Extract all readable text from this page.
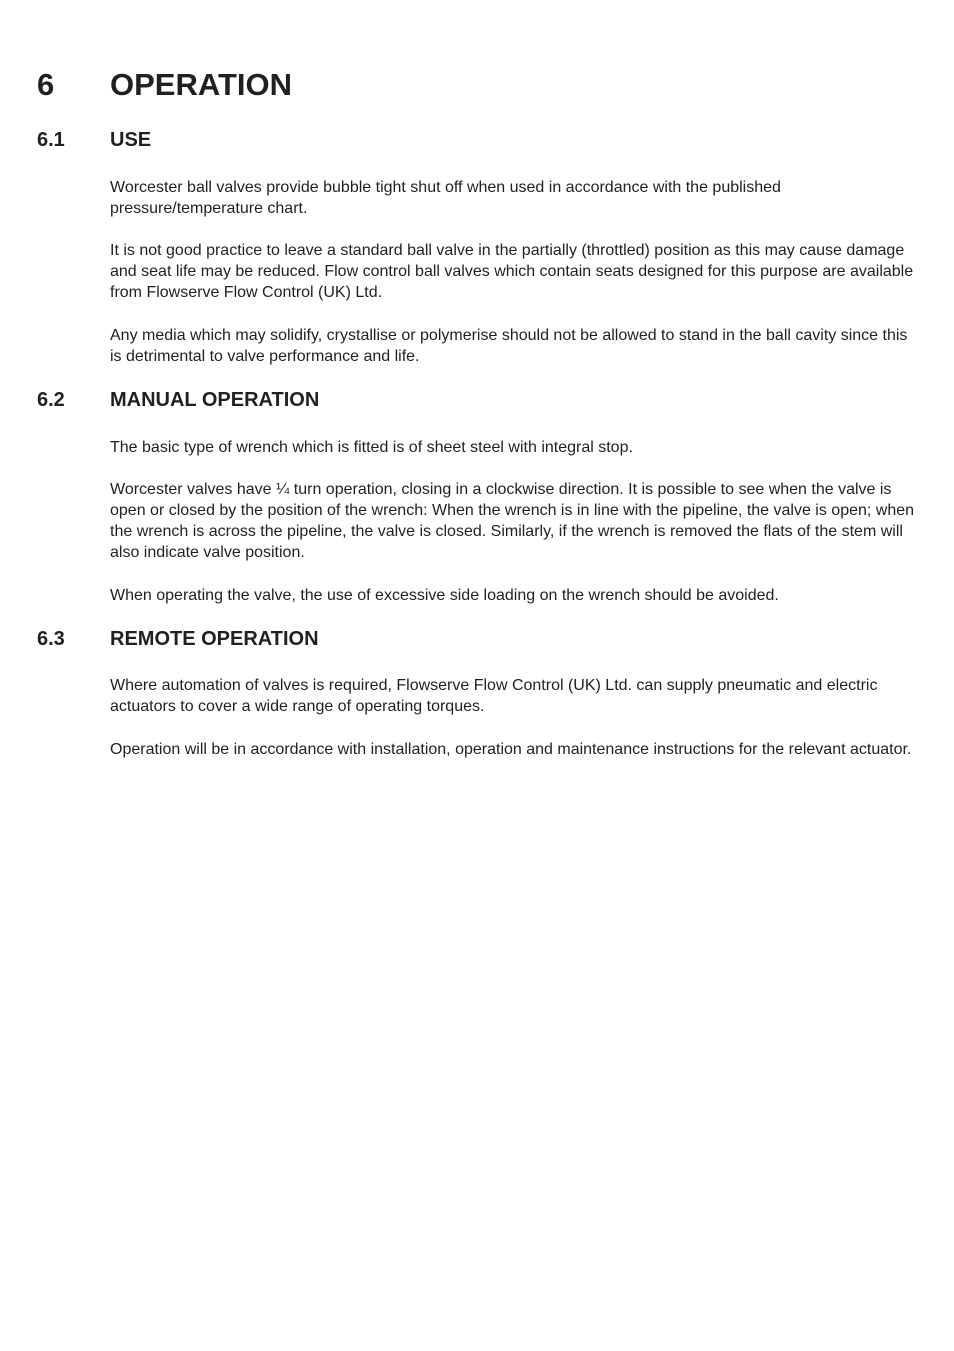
6	OPERATION
6.1	USE

Worcester ball valves provide bubble tight shut off when used in accordance with the published pressure/temperature chart.

It is not good practice to leave a standard ball valve in the partially (throttled) position as this may cause damage and seat life may be reduced. Flow control ball valves which contain seats designed for this purpose are available from Flowserve Flow Control (UK) Ltd.

Any media which may solidify, crystallise or polymerise should not be allowed to stand in the ball cavity since this is detrimental to valve performance and life.

6.2	MANUAL OPERATION

The basic type of wrench which is fitted is of sheet steel with integral stop.

Worcester valves have ¼ turn operation, closing in a clockwise direction. It is possible to see when the valve is open or closed by the position of the wrench: When the wrench is in line with the pipeline, the valve is open; when the wrench is across the pipeline, the valve is closed. Similarly, if the wrench is removed the flats of the stem will also indicate valve position.

When operating the valve, the use of excessive side loading on the wrench should be avoided.

6.3	REMOTE OPERATION

Where automation of valves is required, Flowserve Flow Control (UK) Ltd. can supply pneumatic and electric actuators to cover a wide range of operating torques.

Operation will be in accordance with installation, operation and maintenance instructions for the relevant actuator.
